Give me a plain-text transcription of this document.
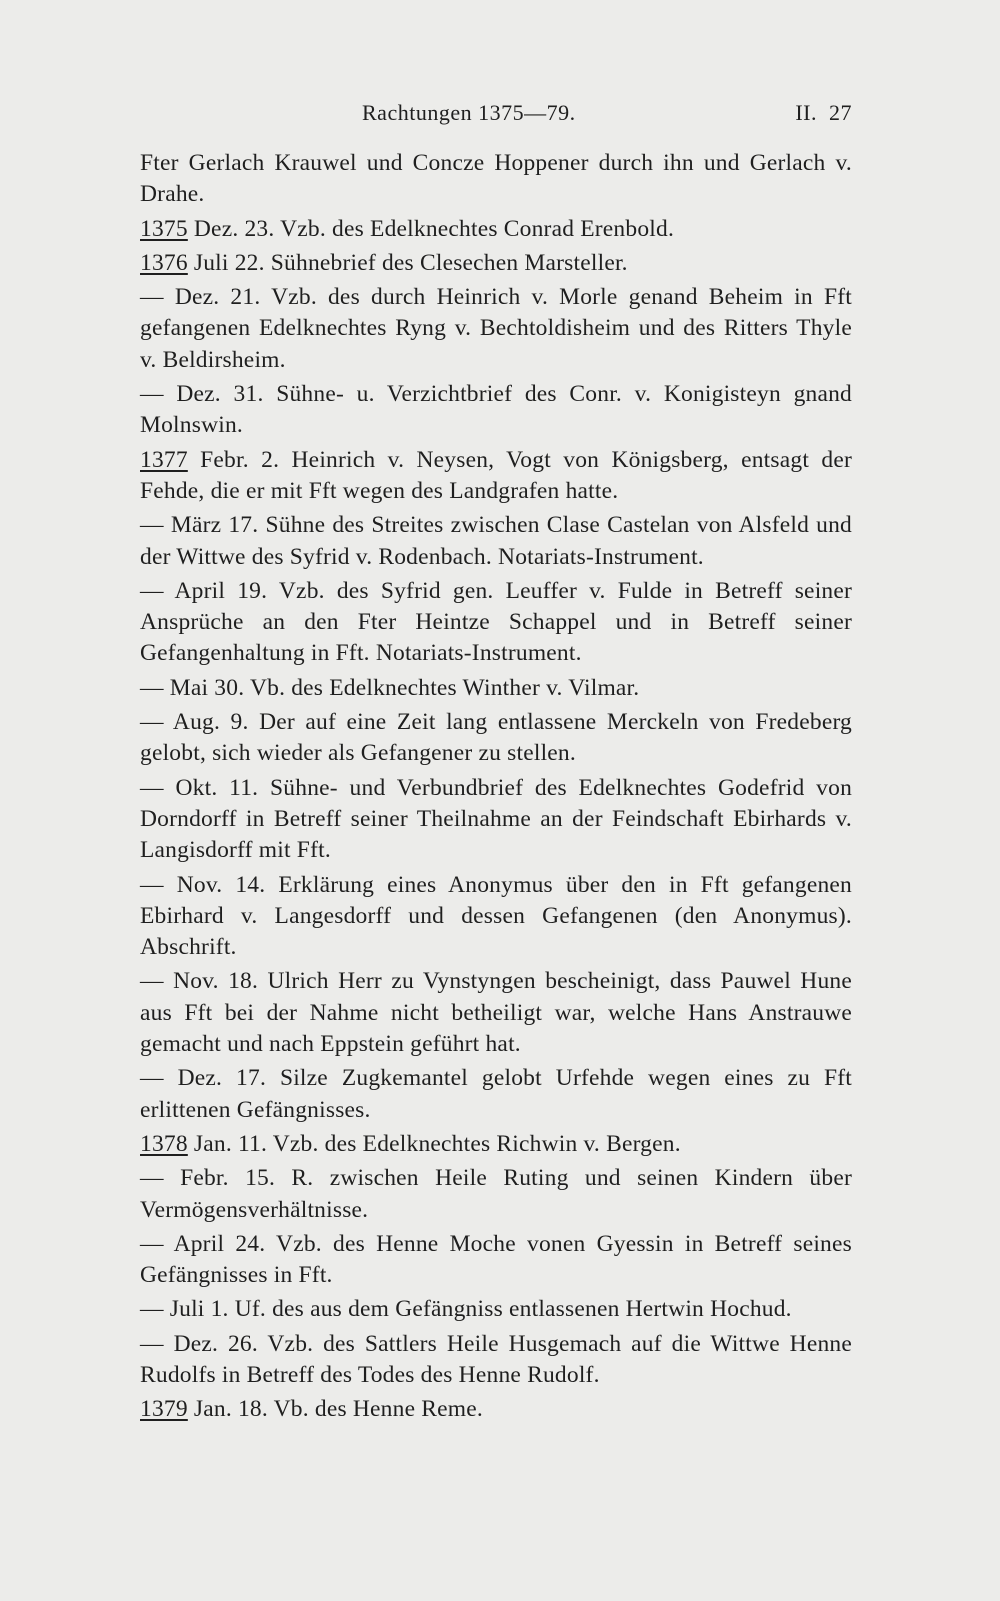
Rachtungen 1375—79.	II. 27

Fter Gerlach Krauwel und Concze Hoppener durch ihn und Gerlach v. Drahe.

1375 Dez. 23. Vzb. des Edelknechtes Conrad Erenbold.

1376 Juli 22. Sühnebrief des Clesechen Marsteller.

— Dez. 21. Vzb. des durch Heinrich v. Morle genand Beheim in Fft gefangenen Edelknechtes Ryng v. Bechtoldisheim und des Ritters Thyle v. Beldirsheim.

— Dez. 31. Sühne- u. Verzichtbrief des Conr. v. Konigisteyn gnand Molnswin.

1377 Febr. 2. Heinrich v. Neysen, Vogt von Königsberg, entsagt der Fehde, die er mit Fft wegen des Landgrafen hatte.

— März 17. Sühne des Streites zwischen Clase Castelan von Alsfeld und der Wittwe des Syfrid v. Rodenbach. Notariats-Instrument.

— April 19. Vzb. des Syfrid gen. Leuffer v. Fulde in Betreff seiner Ansprüche an den Fter Heintze Schappel und in Betreff seiner Gefangenhaltung in Fft. Notariats-Instrument.

— Mai 30. Vb. des Edelknechtes Winther v. Vilmar.

— Aug. 9. Der auf eine Zeit lang entlassene Merckeln von Fredeberg gelobt, sich wieder als Gefangener zu stellen.

— Okt. 11. Sühne- und Verbundbrief des Edelknechtes Godefrid von Dorndorff in Betreff seiner Theilnahme an der Feindschaft Ebirhards v. Langisdorff mit Fft.

— Nov. 14. Erklärung eines Anonymus über den in Fft gefangenen Ebirhard v. Langesdorff und dessen Gefangenen (den Anonymus). Abschrift.

— Nov. 18. Ulrich Herr zu Vynstyngen bescheinigt, dass Pauwel Hune aus Fft bei der Nahme nicht betheiligt war, welche Hans Anstrauwe gemacht und nach Eppstein geführt hat.

— Dez. 17. Silze Zugkemantel gelobt Urfehde wegen eines zu Fft erlittenen Gefängnisses.

1378 Jan. 11. Vzb. des Edelknechtes Richwin v. Bergen.

— Febr. 15. R. zwischen Heile Ruting und seinen Kindern über Vermögensverhältnisse.

— April 24. Vzb. des Henne Moche vonen Gyessin in Betreff seines Gefängnisses in Fft.

— Juli 1. Uf. des aus dem Gefängniss entlassenen Hertwin Hochud.

— Dez. 26. Vzb. des Sattlers Heile Husgemach auf die Wittwe Henne Rudolfs in Betreff des Todes des Henne Rudolf.

1379 Jan. 18. Vb. des Henne Reme.
